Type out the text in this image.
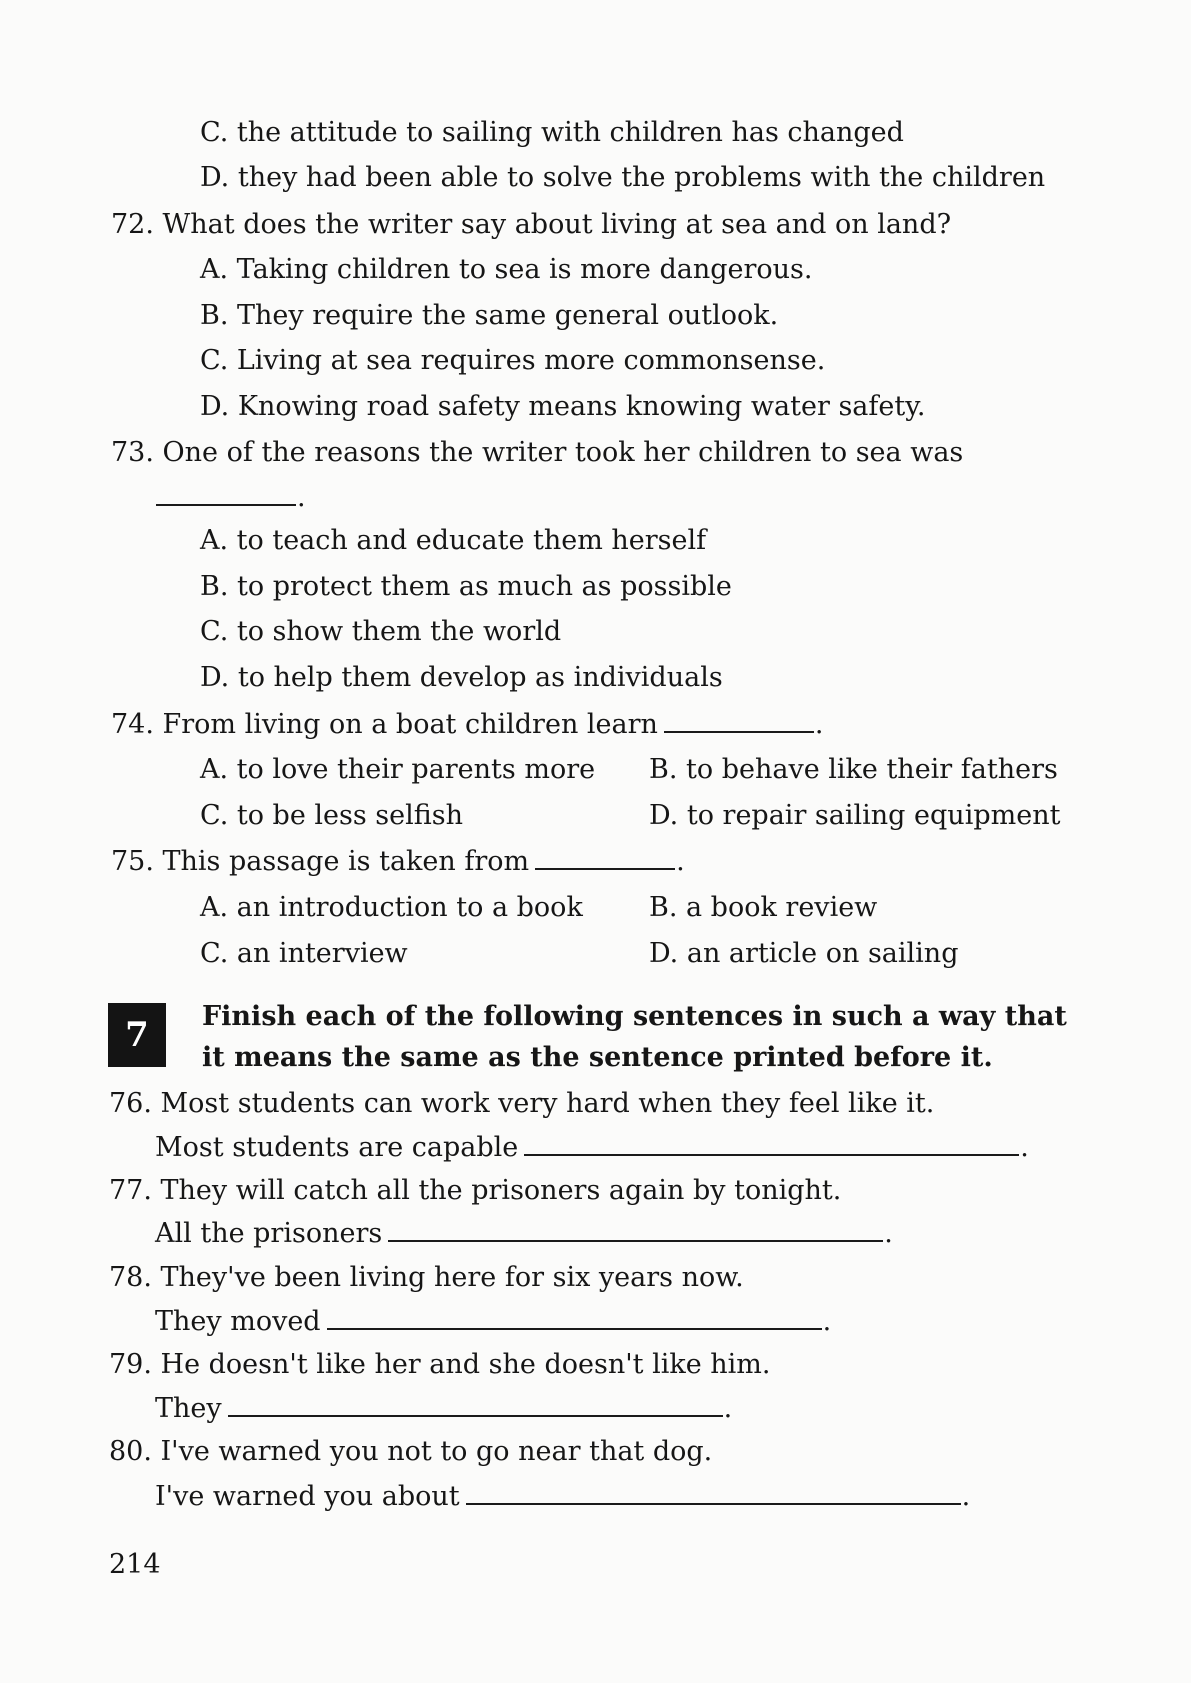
C. the attitude to sailing with children has changed
D. they had been able to solve the problems with the children
72. What does the writer say about living at sea and on land?
A. Taking children to sea is more dangerous.
B. They require the same general outlook.
C. Living at sea requires more commonsense.
D. Knowing road safety means knowing water safety.
73. One of the reasons the writer took her children to sea was
.
A. to teach and educate them herself
B. to protect them as much as possible
C. to show them the world
D. to help them develop as individuals
74. From living on a boat children learn	.
A. to love their parents more B. to behave like their fathers
C. to be less selfish	D. to repair sailing equipment
75. This passage is taken from	.
A. an introduction to a book B. a book review
C. an interview	D. an article on sailing
7	Finish each of the following sentences in such a way that
it means the same as the sentence printed before it.
76. Most students can work very hard when they feel like it.
Most students are capable	.
77. They will catch all the prisoners again by tonight.
All the prisoners	.
78. They've been living here for six years now.
They moved	.
79. He doesn't like her and she doesn't like him.
They	.
80. I've warned you not to go near that dog.
I've warned you about	.
214
